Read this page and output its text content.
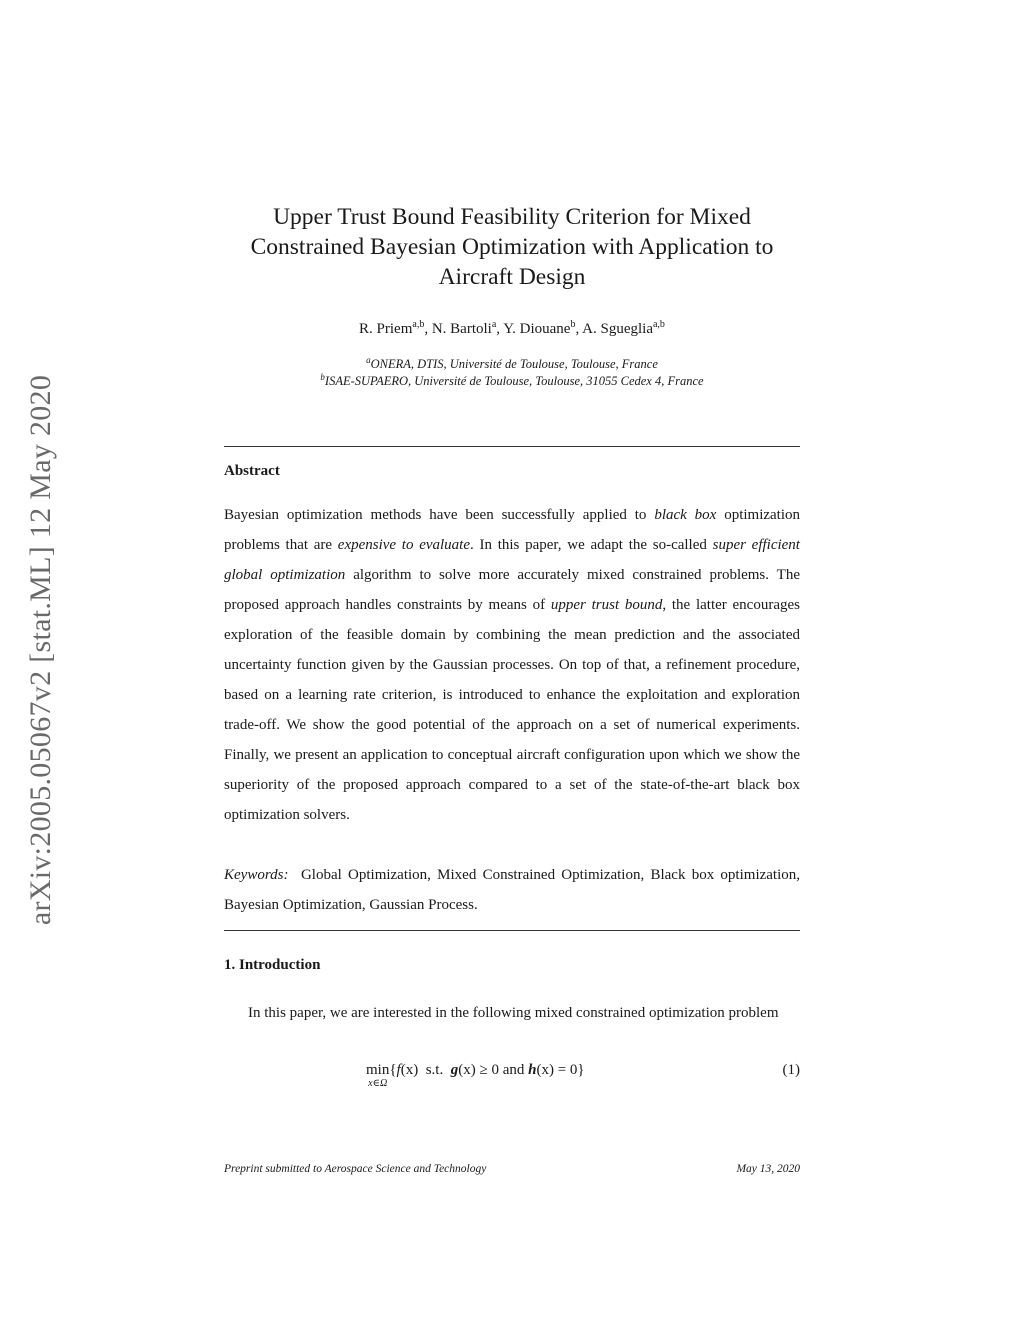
arXiv:2005.05067v2 [stat.ML] 12 May 2020
Upper Trust Bound Feasibility Criterion for Mixed
Constrained Bayesian Optimization with Application to
Aircraft Design
R. Priem$^{a,b}$, N. Bartoli$^a$, Y. Diouane$^b$, A. Sgueglia$^{a,b}$
$^a$ONERA, DTIS, Université de Toulouse, Toulouse, France
$^b$ISAE-SUPAERO, Université de Toulouse, Toulouse, 31055 Cedex 4, France
Abstract
Bayesian optimization methods have been successfully applied to black box optimization problems that are expensive to evaluate. In this paper, we adapt the so-called super efficient global optimization algorithm to solve more accurately mixed constrained problems. The proposed approach handles constraints by means of upper trust bound, the latter encourages exploration of the feasible domain by combining the mean prediction and the associated uncertainty function given by the Gaussian processes. On top of that, a refinement procedure, based on a learning rate criterion, is introduced to enhance the exploitation and exploration trade-off. We show the good potential of the approach on a set of numerical experiments. Finally, we present an application to conceptual aircraft configuration upon which we show the superiority of the proposed approach compared to a set of the state-of-the-art black box optimization solvers.
Keywords: Global Optimization, Mixed Constrained Optimization, Black box optimization, Bayesian Optimization, Gaussian Process.
1. Introduction
In this paper, we are interested in the following mixed constrained optimization problem
min
x∈Ω
{f(x) s.t. g(x) ≥ 0 and h(x) = 0}	(1)
Preprint submitted to Aerospace Science and Technology	May 13, 2020
